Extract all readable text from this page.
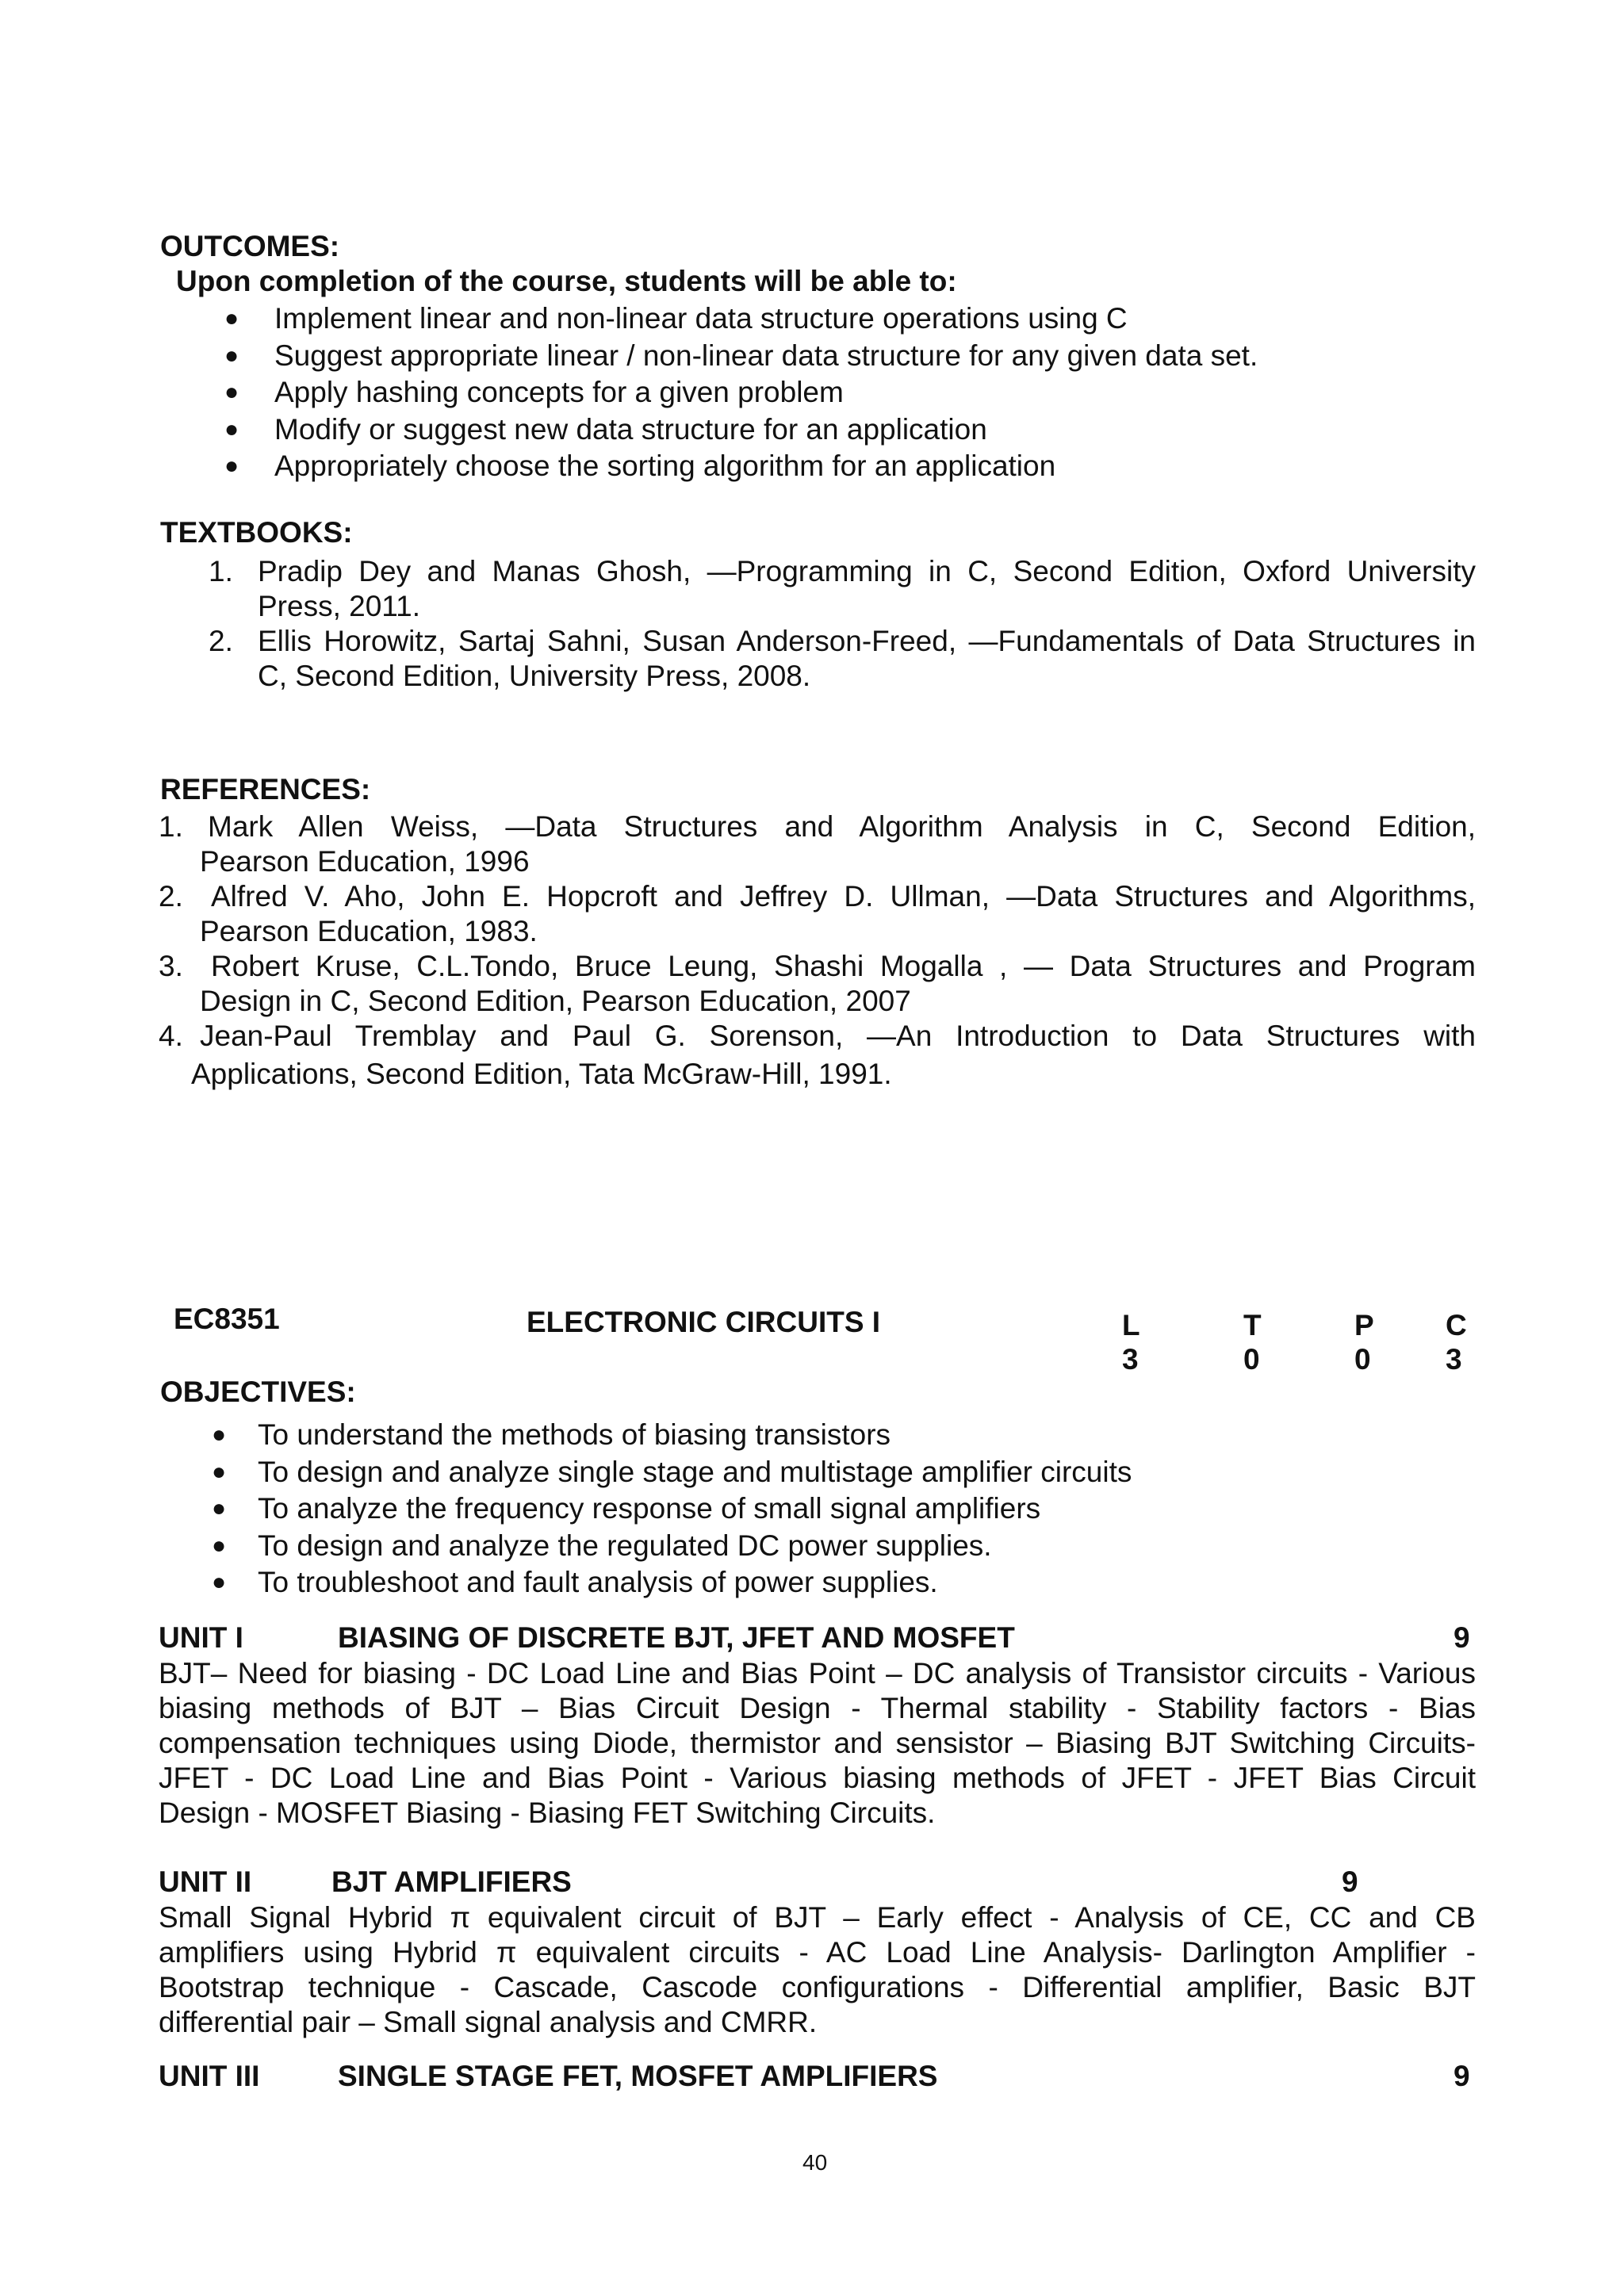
OUTCOMES:
Upon completion of the course, students will be able to:
● Implement linear and non-linear data structure operations using C
● Suggest appropriate linear / non-linear data structure for any given data set.
● Apply hashing concepts for a given problem
● Modify or suggest new data structure for an application
● Appropriately choose the sorting algorithm for an application
TEXTBOOKS:
1. Pradip Dey and Manas Ghosh, —Programming in C, Second Edition, Oxford University
Press, 2011.
2. Ellis Horowitz, Sartaj Sahni, Susan Anderson-Freed, —Fundamentals of Data Structures in
C, Second Edition, University Press, 2008.
REFERENCES:
1. Mark Allen Weiss, —Data Structures and Algorithm Analysis in C, Second Edition,
Pearson Education, 1996
2. Alfred V. Aho, John E. Hopcroft and Jeffrey D. Ullman, —Data Structures and Algorithms,
Pearson Education, 1983.
3. Robert Kruse, C.L.Tondo, Bruce Leung, Shashi Mogalla , — Data Structures and Program
Design in C, Second Edition, Pearson Education, 2007
4. Jean-Paul Tremblay and Paul G. Sorenson, —An Introduction to Data Structures with
Applications, Second Edition, Tata McGraw-Hill, 1991.
EC8351	ELECTRONIC CIRCUITS I	L	T	P C
3	0	0	3
OBJECTIVES:
● To understand the methods of biasing transistors
● To design and analyze single stage and multistage amplifier circuits
● To analyze the frequency response of small signal amplifiers
● To design and analyze the regulated DC power supplies.
● To troubleshoot and fault analysis of power supplies.
UNIT I	BIASING OF DISCRETE BJT, JFET AND MOSFET	9
BJT– Need for biasing - DC Load Line and Bias Point – DC analysis of Transistor circuits - Various
biasing methods of BJT – Bias Circuit Design - Thermal stability - Stability factors - Bias
compensation techniques using Diode, thermistor and sensistor – Biasing BJT Switching Circuits-
JFET - DC Load Line and Bias Point - Various biasing methods of JFET - JFET Bias Circuit
Design - MOSFET Biasing - Biasing FET Switching Circuits.
UNIT II	BJT AMPLIFIERS	9
Small Signal Hybrid π equivalent circuit of BJT – Early effect - Analysis of CE, CC and CB
amplifiers using Hybrid π equivalent circuits - AC Load Line Analysis- Darlington Amplifier -
Bootstrap technique - Cascade, Cascode configurations - Differential amplifier, Basic BJT
differential pair – Small signal analysis and CMRR.
UNIT III	SINGLE STAGE FET, MOSFET AMPLIFIERS	9
40
